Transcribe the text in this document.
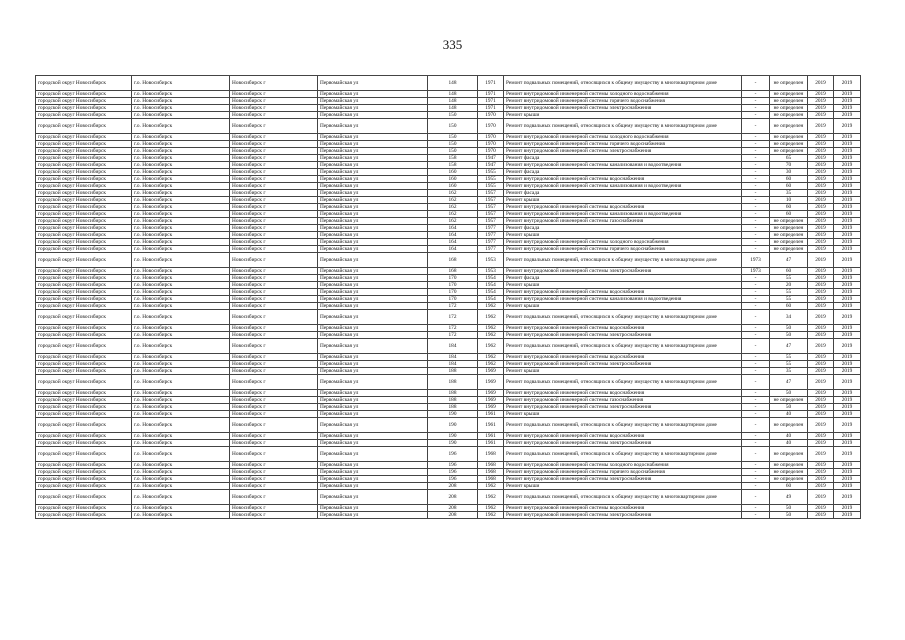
335
городской округ Новосибирск	г.о. Новосибирск	Новосибирск г	Первомайская ул	148	1971	Ремонт подвальных помещений, относящихся к общему имуществу в многоквартирном доме	-	не определен	2019	2019
городской округ Новосибирск	г.о. Новосибирск	Новосибирск г	Первомайская ул	148	1971	Ремонт внутридомовой инженерной системы холодного водоснабжения	-	не определен	2019	2019
городской округ Новосибирск	г.о. Новосибирск	Новосибирск г	Первомайская ул	148	1971	Ремонт внутридомовой инженерной системы горячего водоснабжения	-	не определен	2019	2019
городской округ Новосибирск	г.о. Новосибирск	Новосибирск г	Первомайская ул	148	1971	Ремонт внутридомовой инженерной системы электроснабжения	-	не определен	2019	2019
городской округ Новосибирск	г.о. Новосибирск	Новосибирск г	Первомайская ул	150	1970	Ремонт крыши	-	не определен	2019	2019
городской округ Новосибирск	г.о. Новосибирск	Новосибирск г	Первомайская ул	150	1970	Ремонт подвальных помещений, относящихся к общему имуществу в многоквартирном доме	-	не определен	2019	2019
городской округ Новосибирск	г.о. Новосибирск	Новосибирск г	Первомайская ул	150	1970	Ремонт внутридомовой инженерной системы холодного водоснабжения	-	не определен	2019	2019
городской округ Новосибирск	г.о. Новосибирск	Новосибирск г	Первомайская ул	150	1970	Ремонт внутридомовой инженерной системы горячего водоснабжения	-	не определен	2019	2019
городской округ Новосибирск	г.о. Новосибирск	Новосибирск г	Первомайская ул	150	1970	Ремонт внутридомовой инженерной системы электроснабжения	-	не определен	2019	2019
городской округ Новосибирск	г.о. Новосибирск	Новосибирск г	Первомайская ул	158	1947	Ремонт фасада	-	65	2019	2019
городской округ Новосибирск	г.о. Новосибирск	Новосибирск г	Первомайская ул	158	1947	Ремонт внутридомовой инженерной системы канализования и водоотведения	-	70	2019	2019
городской округ Новосибирск	г.о. Новосибирск	Новосибирск г	Первомайская ул	160	1955	Ремонт фасада	-	30	2019	2019
городской округ Новосибирск	г.о. Новосибирск	Новосибирск г	Первомайская ул	160	1955	Ремонт внутридомовой инженерной системы водоснабжения	-	60	2019	2019
городской округ Новосибирск	г.о. Новосибирск	Новосибирск г	Первомайская ул	160	1955	Ремонт внутридомовой инженерной системы канализования и водоотведения	-	60	2019	2019
городской округ Новосибирск	г.о. Новосибирск	Новосибирск г	Первомайская ул	162	1957	Ремонт фасада	-	35	2019	2019
городской округ Новосибирск	г.о. Новосибирск	Новосибирск г	Первомайская ул	162	1957	Ремонт крыши	-	10	2019	2019
городской округ Новосибирск	г.о. Новосибирск	Новосибирск г	Первомайская ул	162	1957	Ремонт внутридомовой инженерной системы водоснабжения	-	60	2019	2019
городской округ Новосибирск	г.о. Новосибирск	Новосибирск г	Первомайская ул	162	1957	Ремонт внутридомовой инженерной системы канализования и водоотведения	-	60	2019	2019
городской округ Новосибирск	г.о. Новосибирск	Новосибирск г	Первомайская ул	162	1957	Ремонт внутридомовой инженерной системы газоснабжения	-	не определен	2019	2019
городской округ Новосибирск	г.о. Новосибирск	Новосибирск г	Первомайская ул	164	1977	Ремонт фасада	-	не определен	2019	2019
городской округ Новосибирск	г.о. Новосибирск	Новосибирск г	Первомайская ул	164	1977	Ремонт крыши	-	не определен	2019	2019
городской округ Новосибирск	г.о. Новосибирск	Новосибирск г	Первомайская ул	164	1977	Ремонт внутридомовой инженерной системы холодного водоснабжения	-	не определен	2019	2019
городской округ Новосибирск	г.о. Новосибирск	Новосибирск г	Первомайская ул	164	1977	Ремонт внутридомовой инженерной системы горячего водоснабжения	-	не определен	2019	2019
городской округ Новосибирск	г.о. Новосибирск	Новосибирск г	Первомайская ул	168	1953	Ремонт подвальных помещений, относящихся к общему имуществу в многоквартирном доме	1973	47	2019	2019
городской округ Новосибирск	г.о. Новосибирск	Новосибирск г	Первомайская ул	168	1953	Ремонт внутридомовой инженерной системы электроснабжения	1973	60	2019	2019
городской округ Новосибирск	г.о. Новосибирск	Новосибирск г	Первомайская ул	170	1954	Ремонт фасада	-	55	2019	2019
городской округ Новосибирск	г.о. Новосибирск	Новосибирск г	Первомайская ул	170	1954	Ремонт крыши	-	20	2019	2019
городской округ Новосибирск	г.о. Новосибирск	Новосибирск г	Первомайская ул	170	1954	Ремонт внутридомовой инженерной системы водоснабжения	-	55	2019	2019
городской округ Новосибирск	г.о. Новосибирск	Новосибирск г	Первомайская ул	170	1954	Ремонт внутридомовой инженерной системы канализования и водоотведения	-	55	2019	2019
городской округ Новосибирск	г.о. Новосибирск	Новосибирск г	Первомайская ул	172	1962	Ремонт крыши	-	60	2019	2019
городской округ Новосибирск	г.о. Новосибирск	Новосибирск г	Первомайская ул	172	1962	Ремонт подвальных помещений, относящихся к общему имуществу в многоквартирном доме	-	34	2019	2019
городской округ Новосибирск	г.о. Новосибирск	Новосибирск г	Первомайская ул	172	1962	Ремонт внутридомовой инженерной системы водоснабжения	-	50	2019	2019
городской округ Новосибирск	г.о. Новосибирск	Новосибирск г	Первомайская ул	172	1962	Ремонт внутридомовой инженерной системы электроснабжения	-	50	2019	2019
городской округ Новосибирск	г.о. Новосибирск	Новосибирск г	Первомайская ул	184	1962	Ремонт подвальных помещений, относящихся к общему имуществу в многоквартирном доме	-	47	2019	2019
городской округ Новосибирск	г.о. Новосибирск	Новосибирск г	Первомайская ул	184	1962	Ремонт внутридомовой инженерной системы водоснабжения	-	55	2019	2019
городской округ Новосибирск	г.о. Новосибирск	Новосибирск г	Первомайская ул	184	1962	Ремонт внутридомовой инженерной системы электроснабжения	-	55	2019	2019
городской округ Новосибирск	г.о. Новосибирск	Новосибирск г	Первомайская ул	188	1969	Ремонт крыши	-	35	2019	2019
городской округ Новосибирск	г.о. Новосибирск	Новосибирск г	Первомайская ул	188	1969	Ремонт подвальных помещений, относящихся к общему имуществу в многоквартирном доме	-	47	2019	2019
городской округ Новосибирск	г.о. Новосибирск	Новосибирск г	Первомайская ул	188	1969	Ремонт внутридомовой инженерной системы водоснабжения	-	50	2019	2019
городской округ Новосибирск	г.о. Новосибирск	Новосибирск г	Первомайская ул	188	1969	Ремонт внутридомовой инженерной системы газоснабжения	-	не определен	2019	2019
городской округ Новосибирск	г.о. Новосибирск	Новосибирск г	Первомайская ул	188	1969	Ремонт внутридомовой инженерной системы электроснабжения	-	50	2019	2019
городской округ Новосибирск	г.о. Новосибирск	Новосибирск г	Первомайская ул	190	1961	Ремонт крыши	-	40	2019	2019
городской округ Новосибирск	г.о. Новосибирск	Новосибирск г	Первомайская ул	190	1961	Ремонт подвальных помещений, относящихся к общему имуществу в многоквартирном доме	-	не определен	2019	2019
городской округ Новосибирск	г.о. Новосибирск	Новосибирск г	Первомайская ул	190	1961	Ремонт внутридомовой инженерной системы водоснабжения	-	40	2019	2019
городской округ Новосибирск	г.о. Новосибирск	Новосибирск г	Первомайская ул	190	1961	Ремонт внутридомовой инженерной системы электроснабжения	-	40	2019	2019
городской округ Новосибирск	г.о. Новосибирск	Новосибирск г	Первомайская ул	196	1968	Ремонт подвальных помещений, относящихся к общему имуществу в многоквартирном доме	-	не определен	2019	2019
городской округ Новосибирск	г.о. Новосибирск	Новосибирск г	Первомайская ул	196	1968	Ремонт внутридомовой инженерной системы холодного водоснабжения	-	не определен	2019	2019
городской округ Новосибирск	г.о. Новосибирск	Новосибирск г	Первомайская ул	196	1968	Ремонт внутридомовой инженерной системы горячего водоснабжения	-	не определен	2019	2019
городской округ Новосибирск	г.о. Новосибирск	Новосибирск г	Первомайская ул	196	1968	Ремонт внутридомовой инженерной системы электроснабжения	-	не определен	2019	2019
городской округ Новосибирск	г.о. Новосибирск	Новосибирск г	Первомайская ул	208	1962	Ремонт крыши	-	60	2019	2019
городской округ Новосибирск	г.о. Новосибирск	Новосибирск г	Первомайская ул	208	1962	Ремонт подвальных помещений, относящихся к общему имуществу в многоквартирном доме	-	49	2019	2019
городской округ Новосибирск	г.о. Новосибирск	Новосибирск г	Первомайская ул	208	1962	Ремонт внутридомовой инженерной системы водоснабжения	-	50	2019	2019
городской округ Новосибирск	г.о. Новосибирск	Новосибирск г	Первомайская ул	208	1962	Ремонт внутридомовой инженерной системы электроснабжения	-	50	2019	2019
